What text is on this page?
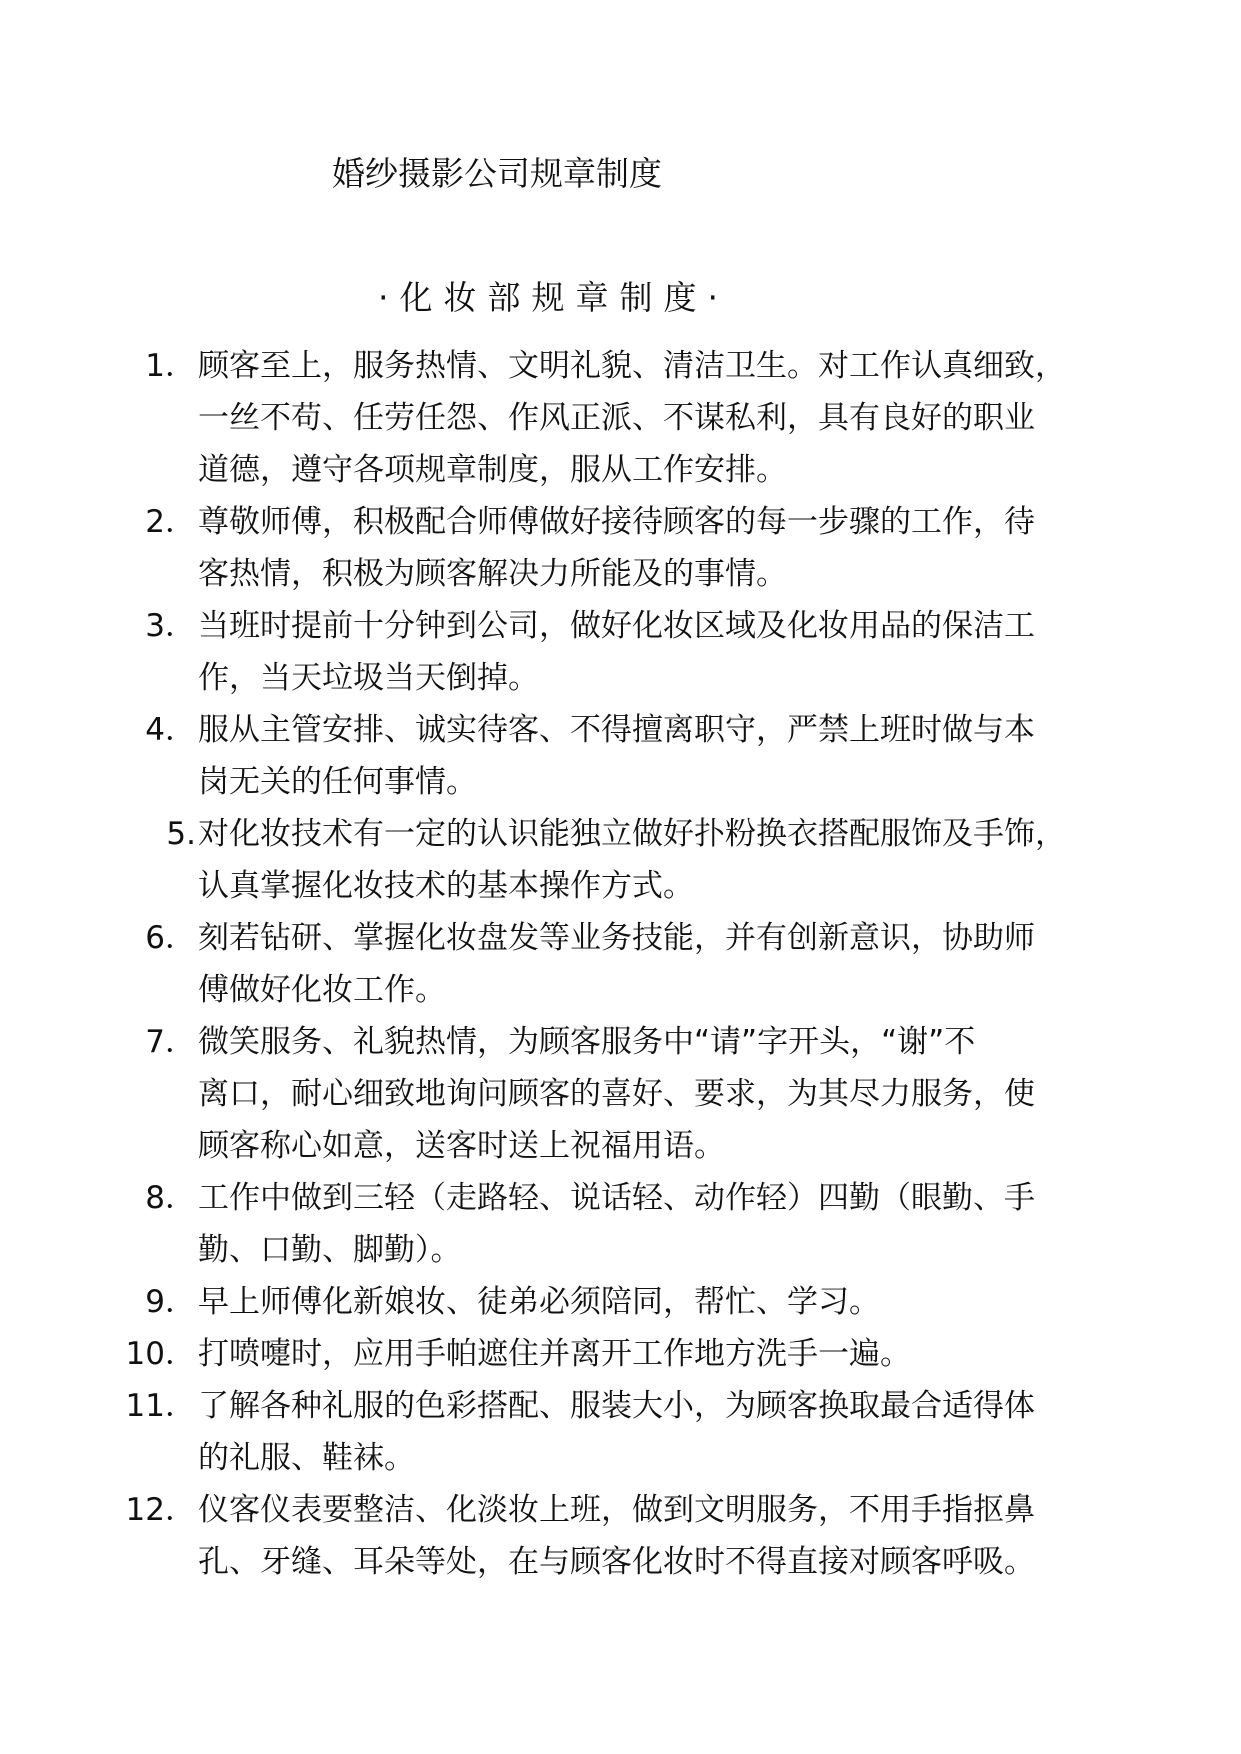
婚纱摄影公司规章制度
·化妆部规章制度·
1． 顾客至上，服务热情、文明礼貌、清洁卫生。对工作认真细致，
一丝不苟、任劳任怨、作风正派、不谋私利，具有良好的职业
道德，遵守各项规章制度，服从工作安排。
2． 尊敬师傅，积极配合师傅做好接待顾客的每一步骤的工作，待
客热情，积极为顾客解决力所能及的事情。
3． 当班时提前十分钟到公司，做好化妆区域及化妆用品的保洁工
作，当天垃圾当天倒掉。
4． 服从主管安排、诚实待客、不得擅离职守，严禁上班时做与本
岗无关的任何事情。
5. 对化妆技术有一定的认识能独立做好扑粉换衣搭配服饰及手饰，
认真掌握化妆技术的基本操作方式。
6． 刻若钻研、掌握化妆盘发等业务技能，并有创新意识，协助师
傅做好化妆工作。
7． 微笑服务、礼貌热情，为顾客服务中“请”字开头，“谢”不
离口，耐心细致地询问顾客的喜好、要求，为其尽力服务，使
顾客称心如意，送客时送上祝福用语。
8． 工作中做到三轻（走路轻、说话轻、动作轻）四勤（眼勤、手
勤、口勤、脚勤）。
9． 早上师傅化新娘妆、徒弟必须陪同，帮忙、学习。
10． 打喷嚏时，应用手帕遮住并离开工作地方洗手一遍。
11． 了解各种礼服的色彩搭配、服装大小，为顾客换取最合适得体
的礼服、鞋袜。
12． 仪客仪表要整洁、化淡妆上班，做到文明服务，不用手指抠鼻
孔、牙缝、耳朵等处，在与顾客化妆时不得直接对顾客呼吸。
